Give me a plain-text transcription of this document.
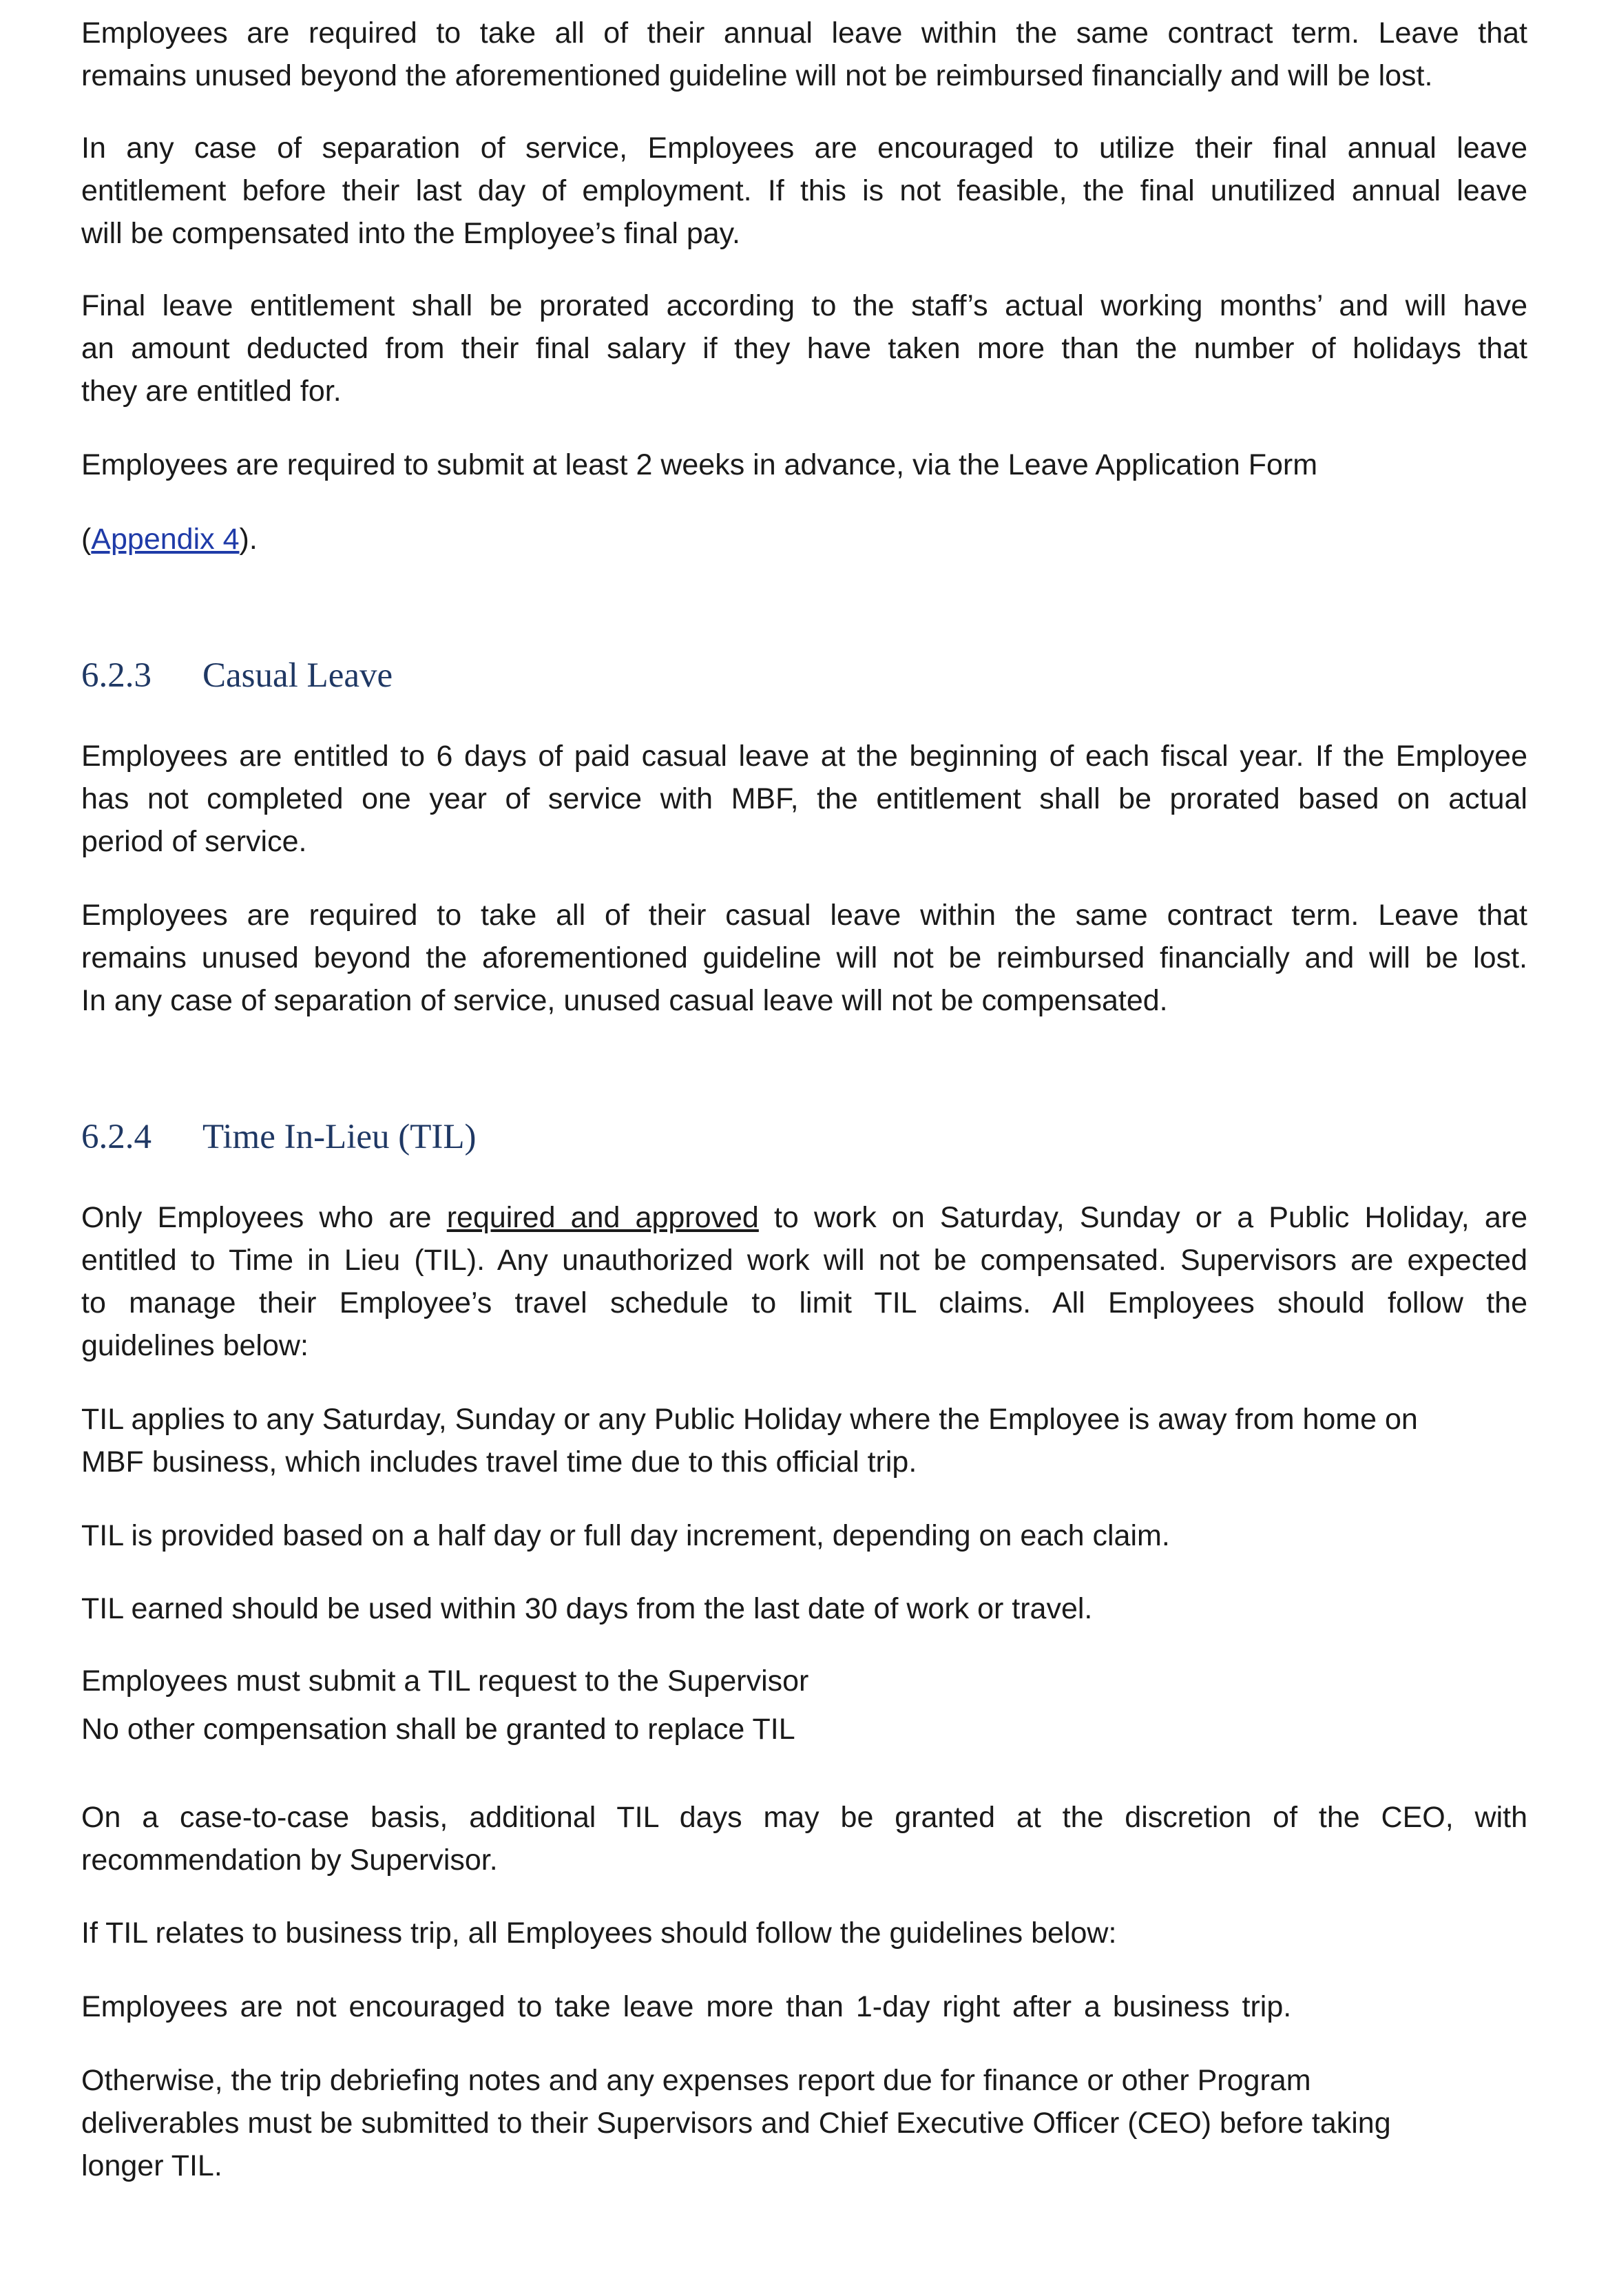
Employees are required to take all of their annual leave within the same contract term. Leave that
remains unused beyond the aforementioned guideline will not be reimbursed financially and will be lost.
In any case of separation of service, Employees are encouraged to utilize their final annual leave
entitlement before their last day of employment. If this is not feasible, the final unutilized annual leave
will be compensated into the Employee’s final pay.
Final leave entitlement shall be prorated according to the staff’s actual working months’ and will have
an amount deducted from their final salary if they have taken more than the number of holidays that
they are entitled for.
Employees are required to submit at least 2 weeks in advance, via the Leave Application Form
(Appendix 4).
6.2.3 Casual Leave
Employees are entitled to 6 days of paid casual leave at the beginning of each fiscal year. If the Employee
has not completed one year of service with MBF, the entitlement shall be prorated based on actual
period of service.
Employees are required to take all of their casual leave within the same contract term. Leave that
remains unused beyond the aforementioned guideline will not be reimbursed financially and will be lost.
In any case of separation of service, unused casual leave will not be compensated.
6.2.4 Time In-Lieu (TIL)
Only Employees who are required and approved to work on Saturday, Sunday or a Public Holiday, are
entitled to Time in Lieu (TIL). Any unauthorized work will not be compensated. Supervisors are expected
to manage their Employee’s travel schedule to limit TIL claims. All Employees should follow the
guidelines below:
TIL applies to any Saturday, Sunday or any Public Holiday where the Employee is away from home on
MBF business, which includes travel time due to this official trip.
TIL is provided based on a half day or full day increment, depending on each claim.
TIL earned should be used within 30 days from the last date of work or travel.
Employees must submit a TIL request to the Supervisor
No other compensation shall be granted to replace TIL
On a case-to-case basis, additional TIL days may be granted at the discretion of the CEO, with
recommendation by Supervisor.
If TIL relates to business trip, all Employees should follow the guidelines below:
Employees are not encouraged to take leave more than 1-day right after a business trip.
Otherwise, the trip debriefing notes and any expenses report due for finance or other Program
deliverables must be submitted to their Supervisors and Chief Executive Officer (CEO) before taking
longer TIL.
